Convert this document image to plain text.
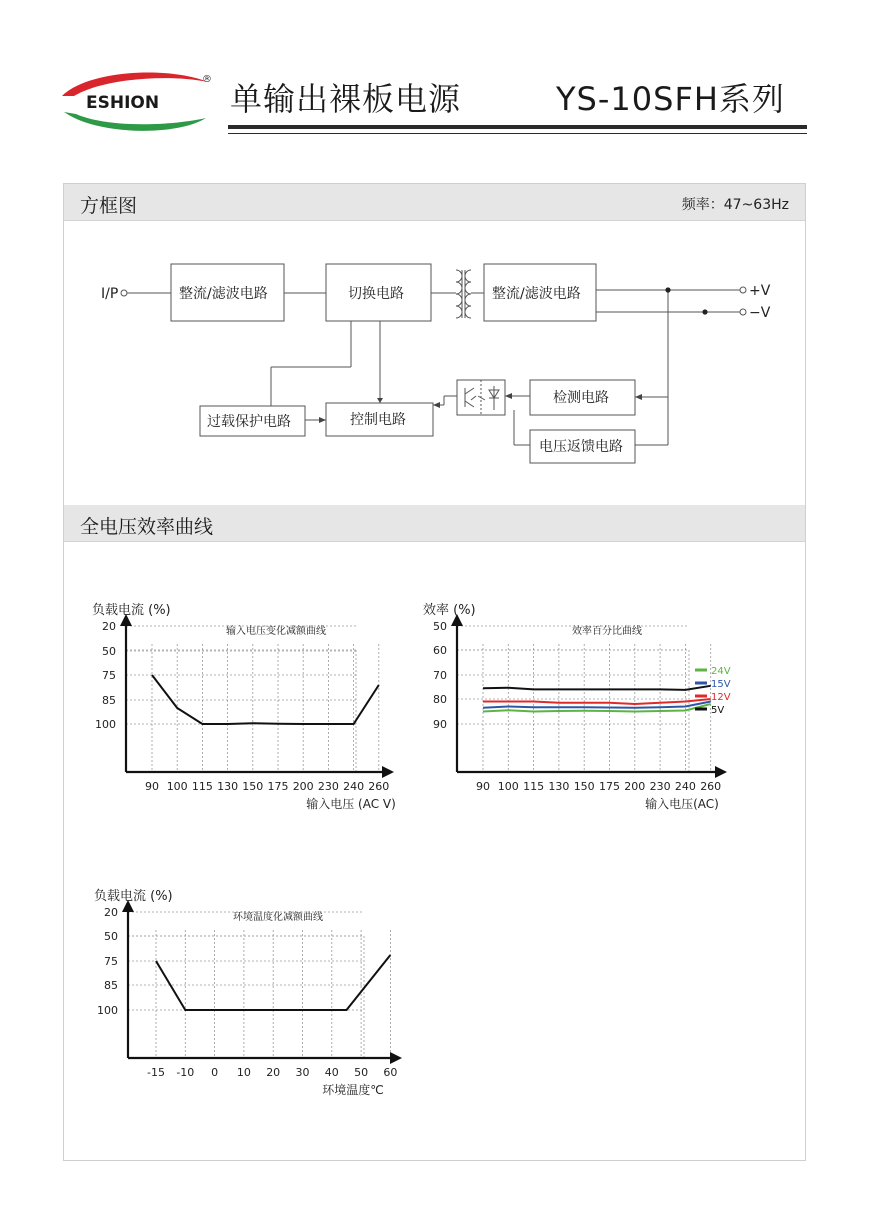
ESHION
®
单输出裸板电源	YS-10SFH系列
方框图	频率：47~63Hz
I/P	整流/滤波电路	切换电路	整流/滤波电路	+V
−V
过载保护电路	控制电路
检测电路
电压返馈电路
全电压效率曲线
100
85
75
50
20
90 100 115 130 150 175 200 230 240 260
负载电流 (%)
输入电压变化减额曲线
输入电压 (AC V)
90
80
70
60
50
90 100 115 130 150 175 200 230 240 260
效率 (%)
效率百分比曲线
输入电压(AC)
24V
15V
12V
5V
100
85
75
50
20
-15 -10 0 10 20 30 40 50 60
负载电流 (%)
环境温度化减额曲线
环境温度℃
